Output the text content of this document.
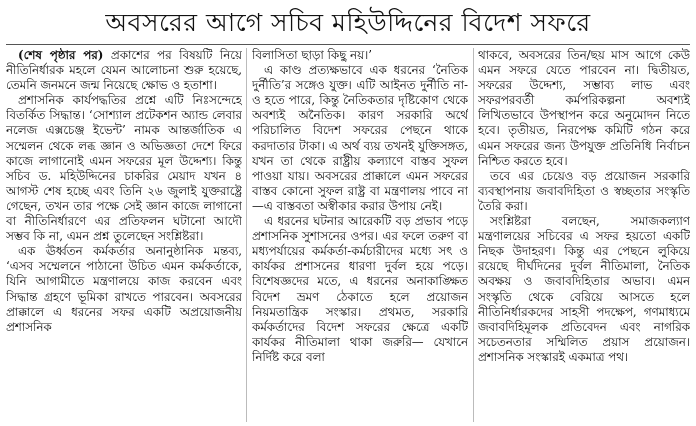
অবসরের আগে সচিব মহিউদ্দিনের বিদেশ সফরে

(শেষ পৃষ্ঠার পর) প্রকাশের পর বিষয়টি নিয়ে নীতিনির্ধারক মহলে যেমন আলোচনা শুরু হয়েছে, তেমনি জনমনে জন্ম নিয়েছে ক্ষোভ ও হতাশা।

প্রশাসনিক কার্যপদ্ধতির প্রশ্নে এটি নিঃসন্দেহে বিতর্কিত সিদ্ধান্ত। ‘সোশ্যাল প্রটেকশন অ্যান্ড লেবার নলেজ এক্সচেঞ্জ ইভেন্ট’ নামক আন্তর্জাতিক এ সম্মেলন থেকে লব্ধ জ্ঞান ও অভিজ্ঞতা দেশে ফিরে কাজে লাগানোই এমন সফরের মূল উদ্দেশ্য। কিন্তু সচিব ড. মহিউদ্দিনের চাকরির মেয়াদ যখন ৪ আগস্ট শেষ হচ্ছে এবং তিনি ২৬ জুলাই যুক্তরাষ্ট্রে গেছেন, তখন তার পক্ষে সেই জ্ঞান কাজে লাগানো বা নীতিনির্ধারণে এর প্রতিফলন ঘটানো আদৌ সম্ভব কি না, এমন প্রশ্ন তুলেছেন সংশ্লিষ্টরা।

এক ঊর্ধ্বতন কর্মকর্তার অনানুষ্ঠানিক মন্তব্য, ‘এসব সম্মেলনে পাঠানো উচিত এমন কর্মকর্তাকে, যিনি আগামীতে মন্ত্রণালয়ে কাজ করবেন এবং সিদ্ধান্ত গ্রহণে ভূমিকা রাখতে পারবেন। অবসরের প্রাক্কালে এ ধরনের সফর একটি অপ্রয়োজনীয় প্রশাসনিক

বিলাসিতা ছাড়া কিছু নয়।’

এ কাণ্ড প্রত্যক্ষভাবে এক ধরনের ‘নৈতিক দুর্নীতি’র সঙ্গেও যুক্ত। এটি আইনত দুর্নীতি না-ও হতে পারে, কিন্তু নৈতিকতার দৃষ্টিকোণ থেকে অবশ্যই অনৈতিক। কারণ সরকারি অর্থে পরিচালিত বিদেশ সফরের পেছনে থাকে করদাতার টাকা। এ অর্থ ব্যয় তখনই যুক্তিসঙ্গত, যখন তা থেকে রাষ্ট্রীয় কল্যাণে বাস্তব সুফল পাওয়া যায়। অবসরের প্রাক্কালে এমন সফরের বাস্তব কোনো সুফল রাষ্ট্র বা মন্ত্রণালয় পাবে না—এ বাস্তবতা অস্বীকার করার উপায় নেই।

এ ধরনের ঘটনার আরেকটি বড় প্রভাব পড়ে প্রশাসনিক সুশাসনের ওপর। এর ফলে তরুণ বা মধ্যপর্যায়ের কর্মকর্তা-কর্মচারীদের মধ্যে সৎ ও কার্যকর প্রশাসনের ধারণা দুর্বল হয়ে পড়ে। বিশেষজ্ঞদের মতে, এ ধরনের অনাকাঙ্ক্ষিত বিদেশ ভ্রমণ ঠেকাতে হলে প্রয়োজন নিয়মতান্ত্রিক সংস্কার। প্রথমত, সরকারি কর্মকর্তাদের বিদেশ সফরের ক্ষেত্রে একটি কার্যকর নীতিমালা থাকা জরুরি— যেখানে নির্দিষ্ট করে বলা

থাকবে, অবসরের তিন/ছয় মাস আগে কেউ এমন সফরে যেতে পারবেন না। দ্বিতীয়ত, সফরের উদ্দেশ্য, সম্ভাব্য লাভ এবং সফরপরবর্তী কর্মপরিকল্পনা অবশ্যই লিখিতভাবে উপস্থাপন করে অনুমোদন নিতে হবে। তৃতীয়ত, নিরপেক্ষ কমিটি গঠন করে এমন সফরের জন্য উপযুক্ত প্রতিনিধি নির্বাচন নিশ্চিত করতে হবে।

তবে এর চেয়েও বড় প্রয়োজন সরকারি ব্যবস্থাপনায় জবাবদিহিতা ও স্বচ্ছতার সংস্কৃতি তৈরি করা।

সংশ্লিষ্টরা বলছেন, সমাজকল্যাণ মন্ত্রণালয়ের সচিবের এ সফর হয়তো একটি নিছক উদাহরণ। কিন্তু এর পেছনে লুকিয়ে রয়েছে দীর্ঘদিনের দুর্বল নীতিমালা, নৈতিক অবক্ষয় ও জবাবদিহিতার অভাব। এমন সংস্কৃতি থেকে বেরিয়ে আসতে হলে নীতিনির্ধারকদের সাহসী পদক্ষেপ, গণমাধ্যমে জবাবদিহিমূলক প্রতিবেদন এবং নাগরিক সচেতনতার সম্মিলিত প্রয়াস প্রয়োজন। প্রশাসনিক সংস্কারই একমাত্র পথ।
